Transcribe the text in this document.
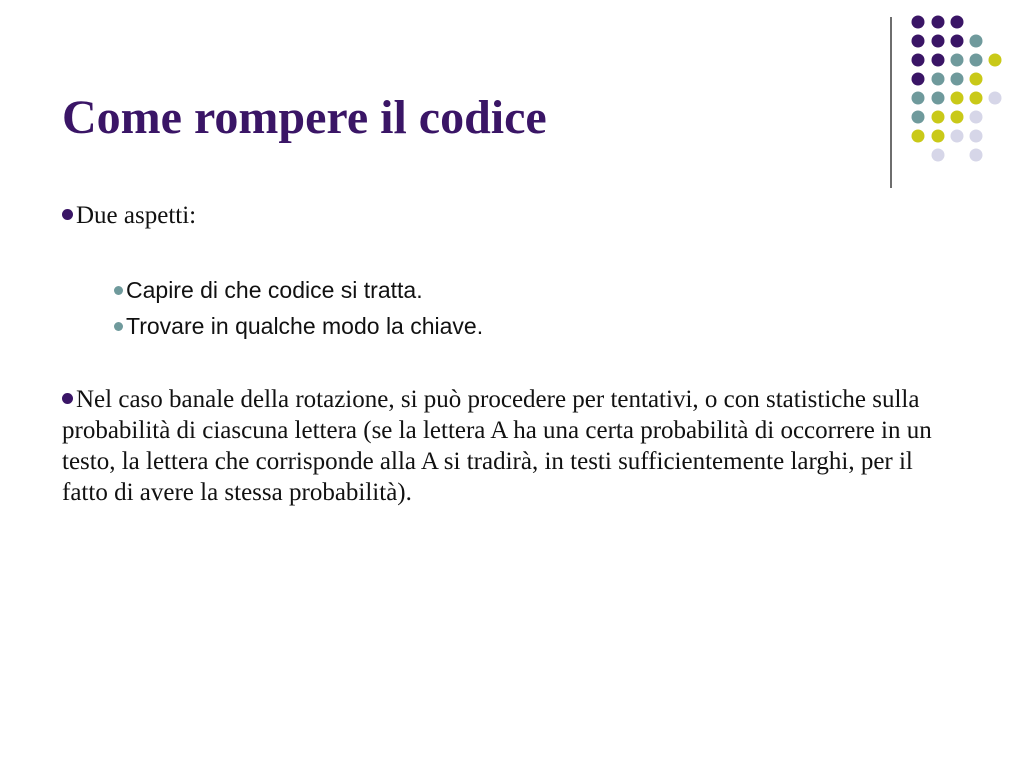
Come rompere il codice
Due aspetti:
Capire di che codice si tratta.
Trovare in qualche modo la chiave.
Nel caso banale della rotazione, si può procedere per tentativi, o con statistiche sulla probabilità di ciascuna lettera (se la lettera A ha una certa probabilità di occorrere in un testo, la lettera che corrisponde alla A si tradirà, in testi sufficientemente larghi, per il fatto di avere la stessa probabilità).
